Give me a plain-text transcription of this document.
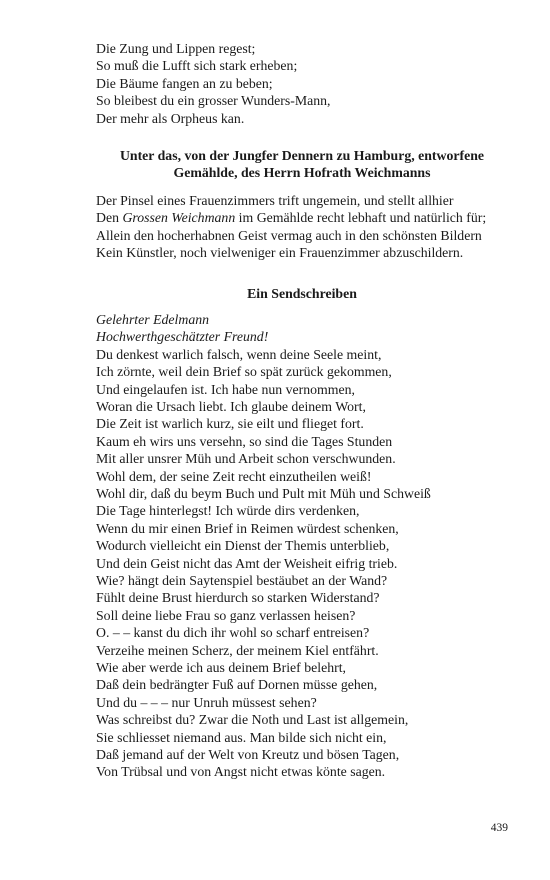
Die Zung und Lippen regest;
So muß die Lufft sich stark erheben;
Die Bäume fangen an zu beben;
So bleibest du ein grosser Wunders-Mann,
Der mehr als Orpheus kan.
Unter das, von der Jungfer Dennern zu Hamburg, entworfene
Gemählde, des Herrn Hofrath Weichmanns
Der Pinsel eines Frauenzimmers trift ungemein, und stellt allhier
Den Grossen Weichmann im Gemählde recht lebhaft und natürlich für;
Allein den hocherhabnen Geist vermag auch in den schönsten Bildern
Kein Künstler, noch vielweniger ein Frauenzimmer abzuschildern.
Ein Sendschreiben
Gelehrter Edelmann
Hochwerthgeschätzter Freund!
Du denkest warlich falsch, wenn deine Seele meint,
Ich zörnte, weil dein Brief so spät zurück gekommen,
Und eingelaufen ist. Ich habe nun vernommen,
Woran die Ursach liebt. Ich glaube deinem Wort,
Die Zeit ist warlich kurz, sie eilt und flieget fort.
Kaum eh wirs uns versehn, so sind die Tages Stunden
Mit aller unsrer Müh und Arbeit schon verschwunden.
Wohl dem, der seine Zeit recht einzutheilen weiß!
Wohl dir, daß du beym Buch und Pult mit Müh und Schweiß
Die Tage hinterlegst! Ich würde dirs verdenken,
Wenn du mir einen Brief in Reimen würdest schenken,
Wodurch vielleicht ein Dienst der Themis unterblieb,
Und dein Geist nicht das Amt der Weisheit eifrig trieb.
Wie? hängt dein Saytenspiel bestäubet an der Wand?
Fühlt deine Brust hierdurch so starken Widerstand?
Soll deine liebe Frau so ganz verlassen heisen?
O. – – kanst du dich ihr wohl so scharf entreisen?
Verzeihe meinen Scherz, der meinem Kiel entfährt.
Wie aber werde ich aus deinem Brief belehrt,
Daß dein bedrängter Fuß auf Dornen müsse gehen,
Und du – – – nur Unruh müssest sehen?
Was schreibst du? Zwar die Noth und Last ist allgemein,
Sie schliesset niemand aus. Man bilde sich nicht ein,
Daß jemand auf der Welt von Kreutz und bösen Tagen,
Von Trübsal und von Angst nicht etwas könte sagen.
439
